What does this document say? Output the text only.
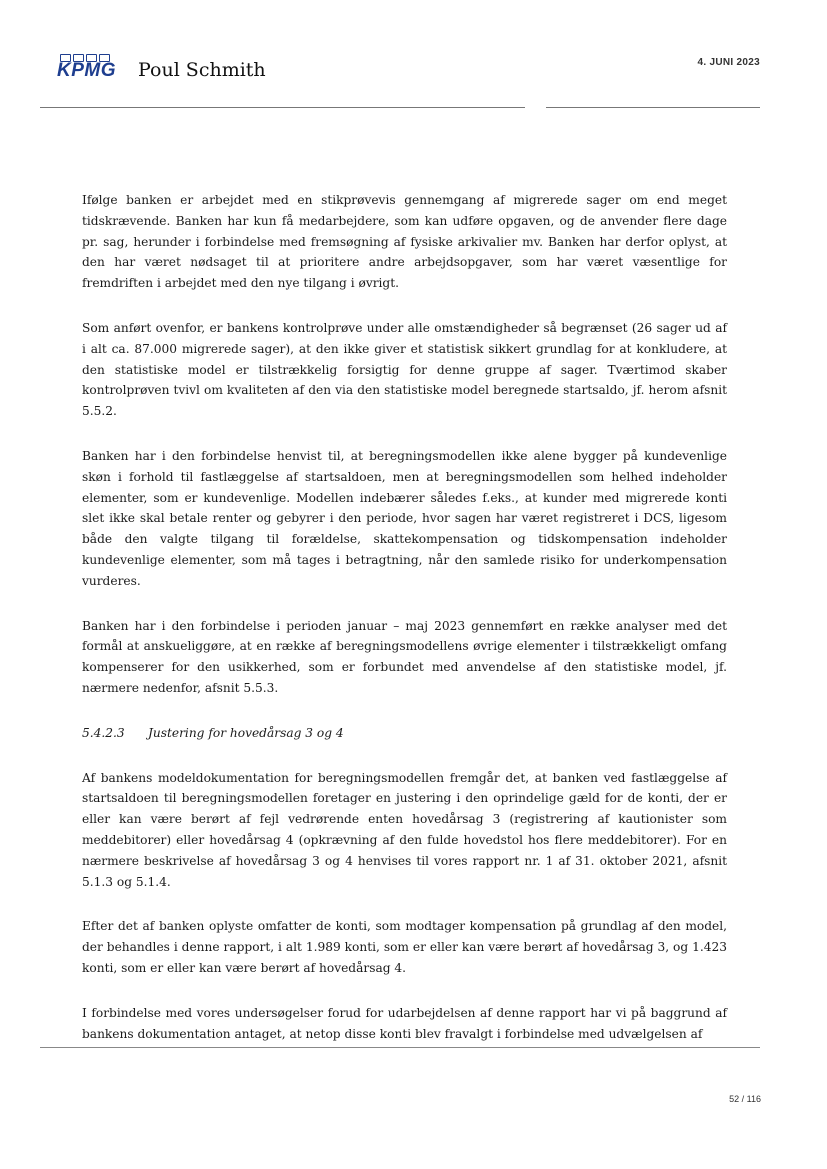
KPMG Poul Schmith	4. JUNI 2023

Ifølge banken er arbejdet med en stikprøvevis gennemgang af migrerede sager om end meget tidskrævende. Banken har kun få medarbejdere, som kan udføre opgaven, og de anvender flere dage pr. sag, herunder i forbindelse med fremsøgning af fysiske arkivalier mv. Banken har derfor oplyst, at den har været nødsaget til at prioritere andre arbejdsopgaver, som har været væsentlige for fremdriften i arbejdet med den nye tilgang i øvrigt.

Som anført ovenfor, er bankens kontrolprøve under alle omstændigheder så begrænset (26 sager ud af i alt ca. 87.000 migrerede sager), at den ikke giver et statistisk sikkert grundlag for at konkludere, at den statistiske model er tilstrækkelig forsigtig for denne gruppe af sager. Tværtimod skaber kontrolprøven tvivl om kvaliteten af den via den statistiske model beregnede startsaldo, jf. herom afsnit 5.5.2.

Banken har i den forbindelse henvist til, at beregningsmodellen ikke alene bygger på kundevenlige skøn i forhold til fastlæggelse af startsaldoen, men at beregningsmodellen som helhed indeholder elementer, som er kundevenlige. Modellen indebærer således f.eks., at kunder med migrerede konti slet ikke skal betale renter og gebyrer i den periode, hvor sagen har været registreret i DCS, ligesom både den valgte tilgang til forældelse, skattekompensation og tidskompensation indeholder kundevenlige elementer, som må tages i betragtning, når den samlede risiko for underkompensation vurderes.

Banken har i den forbindelse i perioden januar – maj 2023 gennemført en række analyser med det formål at anskueliggøre, at en række af beregningsmodellens øvrige elementer i tilstrækkeligt omfang kompenserer for den usikkerhed, som er forbundet med anvendelse af den statistiske model, jf. nærmere nedenfor, afsnit 5.5.3.

5.4.2.3	Justering for hovedårsag 3 og 4

Af bankens modeldokumentation for beregningsmodellen fremgår det, at banken ved fastlæggelse af startsaldoen til beregningsmodellen foretager en justering i den oprindelige gæld for de konti, der er eller kan være berørt af fejl vedrørende enten hovedårsag 3 (registrering af kautionister som meddebitorer) eller hovedårsag 4 (opkrævning af den fulde hovedstol hos flere meddebitorer). For en nærmere beskrivelse af hovedårsag 3 og 4 henvises til vores rapport nr. 1 af 31. oktober 2021, afsnit 5.1.3 og 5.1.4.

Efter det af banken oplyste omfatter de konti, som modtager kompensation på grundlag af den model, der behandles i denne rapport, i alt 1.989 konti, som er eller kan være berørt af hovedårsag 3, og 1.423 konti, som er eller kan være berørt af hovedårsag 4.

I forbindelse med vores undersøgelser forud for udarbejdelsen af denne rapport har vi på baggrund af bankens dokumentation antaget, at netop disse konti blev fravalgt i forbindelse med udvælgelsen af

52 / 116
